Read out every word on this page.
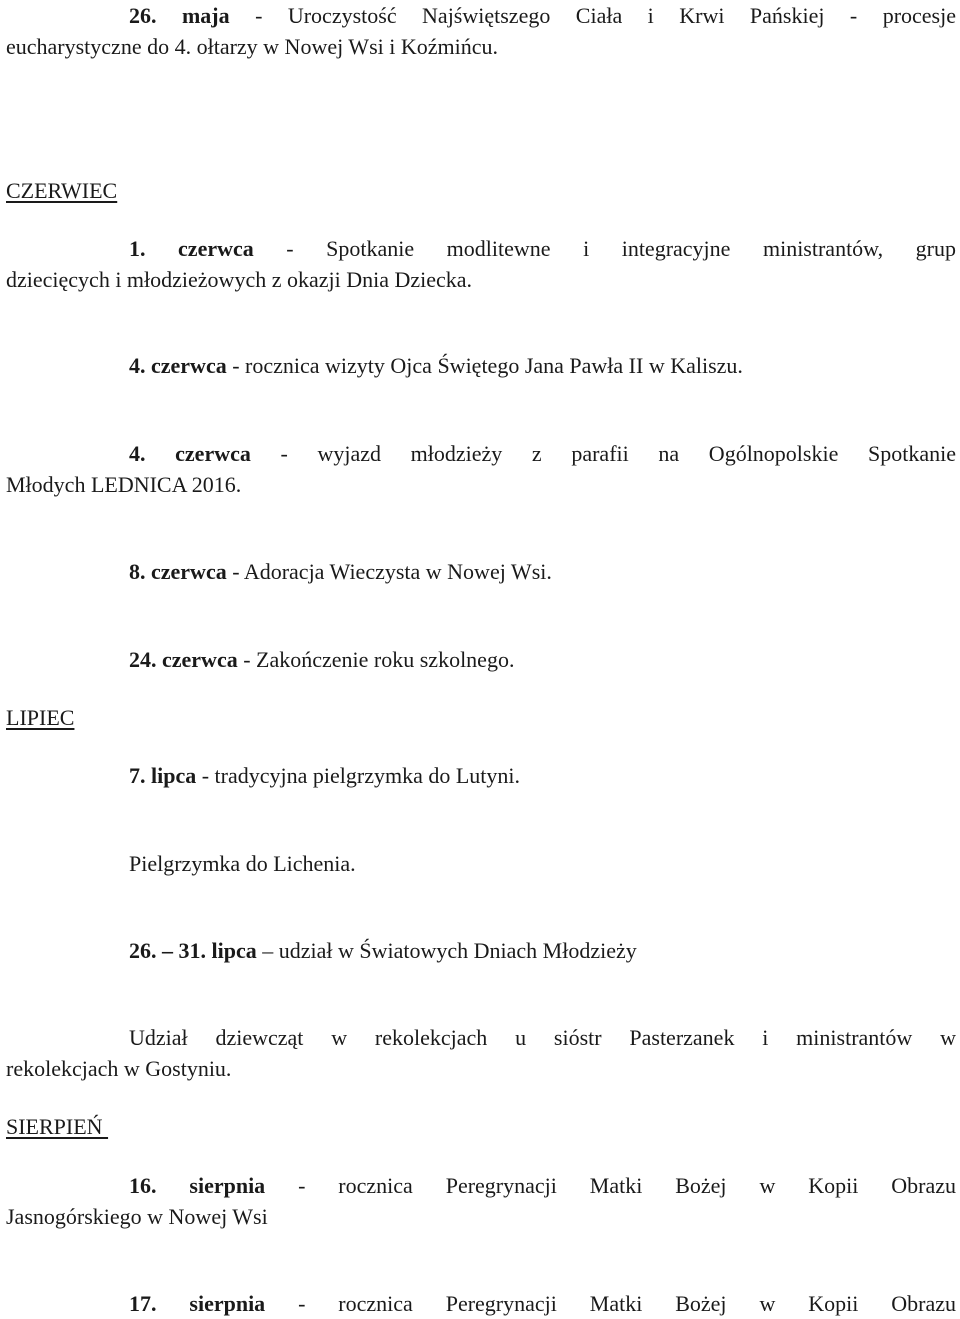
26. maja - Uroczystość Najświętszego Ciała i Krwi Pańskiej - procesje
eucharystyczne do 4. ołtarzy w Nowej Wsi i Koźmińcu.
CZERWIEC
1. czerwca - Spotkanie modlitewne i integracyjne ministrantów, grup
dziecięcych i młodzieżowych z okazji Dnia Dziecka.
4. czerwca - rocznica wizyty Ojca Świętego Jana Pawła II w Kaliszu.
4. czerwca - wyjazd młodzieży z parafii na Ogólnopolskie Spotkanie
Młodych LEDNICA 2016.
8. czerwca - Adoracja Wieczysta w Nowej Wsi.
24. czerwca - Zakończenie roku szkolnego.
LIPIEC
7. lipca - tradycyjna pielgrzymka do Lutyni.
Pielgrzymka do Lichenia.
26. – 31. lipca – udział w Światowych Dniach Młodzieży
Udział dziewcząt w rekolekcjach u sióstr Pasterzanek i ministrantów w
rekolekcjach w Gostyniu.
SIERPIEŃ
16. sierpnia - rocznica Peregrynacji Matki Bożej w Kopii Obrazu
Jasnogórskiego w Nowej Wsi
17. sierpnia - rocznica Peregrynacji Matki Bożej w Kopii Obrazu
